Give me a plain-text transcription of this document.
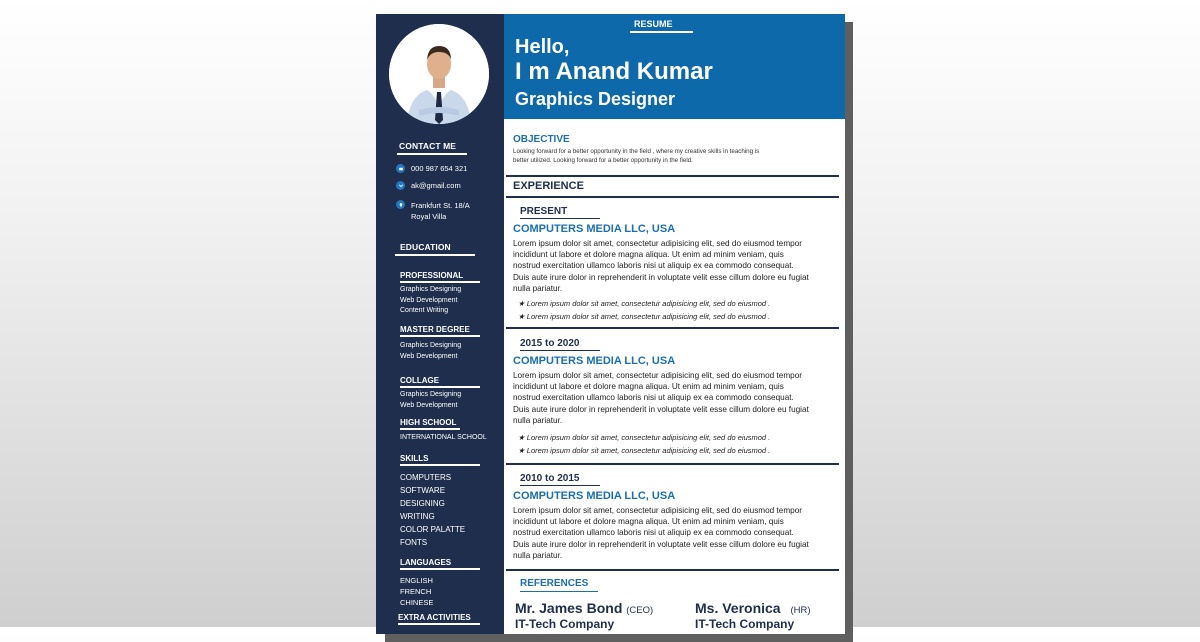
CONTACT ME
000 987 654 321
ak@gmail.com
Frankfurt St. 18/A
Royal Villa
EDUCATION
PROFESSIONAL
Graphics Designing
Web Development
Content Writing
MASTER DEGREE
Graphics Designing
Web Development
COLLAGE
Graphics Designing
Web Development
HIGH SCHOOL
INTERNATIONAL SCHOOL
SKILLS
COMPUTERS
SOFTWARE
DESIGNING
WRITING
COLOR PALATTE
FONTS
LANGUAGES
ENGLISH
FRENCH
CHINESE
EXTRA ACTIVITIES
RESUME
Hello,
I m Anand Kumar
Graphics Designer
OBJECTIVE
Looking forward for a better opportunity in the field , where my creative skills in teaching is
better utilized. Looking forward for a better opportunity in the field.
EXPERIENCE
PRESENT
COMPUTERS MEDIA LLC, USA
Lorem ipsum dolor sit amet, consectetur adipisicing elit, sed do eiusmod tempor
incididunt ut labore et dolore magna aliqua. Ut enim ad minim veniam, quis
nostrud exercitation ullamco laboris nisi ut aliquip ex ea commodo consequat.
Duis aute irure dolor in reprehenderit in voluptate velit esse cillum dolore eu fugiat
nulla pariatur.
★ Lorem ipsum dolor sit amet, consectetur adipisicing elit, sed do eiusmod .
★ Lorem ipsum dolor sit amet, consectetur adipisicing elit, sed do eiusmod .
2015 to 2020
COMPUTERS MEDIA LLC, USA
Lorem ipsum dolor sit amet, consectetur adipisicing elit, sed do eiusmod tempor
incididunt ut labore et dolore magna aliqua. Ut enim ad minim veniam, quis
nostrud exercitation ullamco laboris nisi ut aliquip ex ea commodo consequat.
Duis aute irure dolor in reprehenderit in voluptate velit esse cillum dolore eu fugiat
nulla pariatur.
★ Lorem ipsum dolor sit amet, consectetur adipisicing elit, sed do eiusmod .
★ Lorem ipsum dolor sit amet, consectetur adipisicing elit, sed do eiusmod .
2010 to 2015
COMPUTERS MEDIA LLC, USA
Lorem ipsum dolor sit amet, consectetur adipisicing elit, sed do eiusmod tempor
incididunt ut labore et dolore magna aliqua. Ut enim ad minim veniam, quis
nostrud exercitation ullamco laboris nisi ut aliquip ex ea commodo consequat.
Duis aute irure dolor in reprehenderit in voluptate velit esse cillum dolore eu fugiat
nulla pariatur.
REFERENCES
Mr. James Bond (CEO)
IT-Tech Company
Ms. Veronica (HR)
IT-Tech Company
